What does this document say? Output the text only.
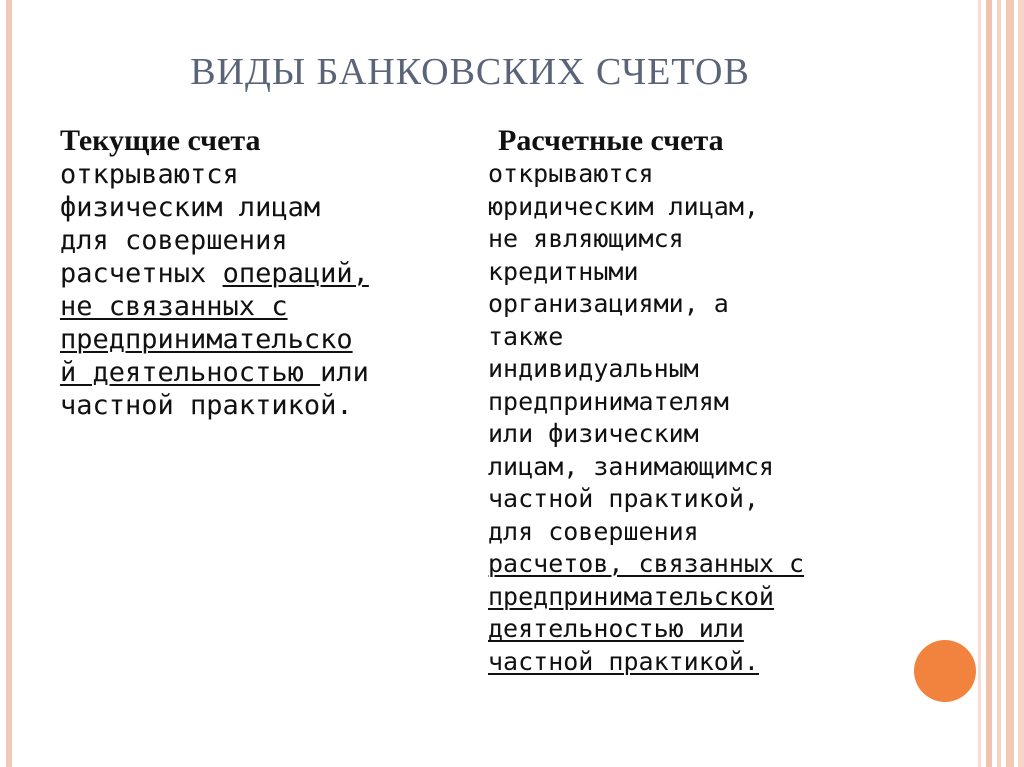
ВИДЫ БАНКОВСКИХ СЧЕТОВ
Текущие счета
открываются
физическим лицам
для совершения
расчетных операций,
не связанных с
предпринимательско
й деятельностью или
частной практикой.
Расчетные счета
открываются
юридическим лицам,
не являющимся
кредитными
организациями, а
также
индивидуальным
предпринимателям
или физическим
лицам, занимающимся
частной практикой,
для совершения
расчетов, связанных с
предпринимательской
деятельностью или
частной практикой.
